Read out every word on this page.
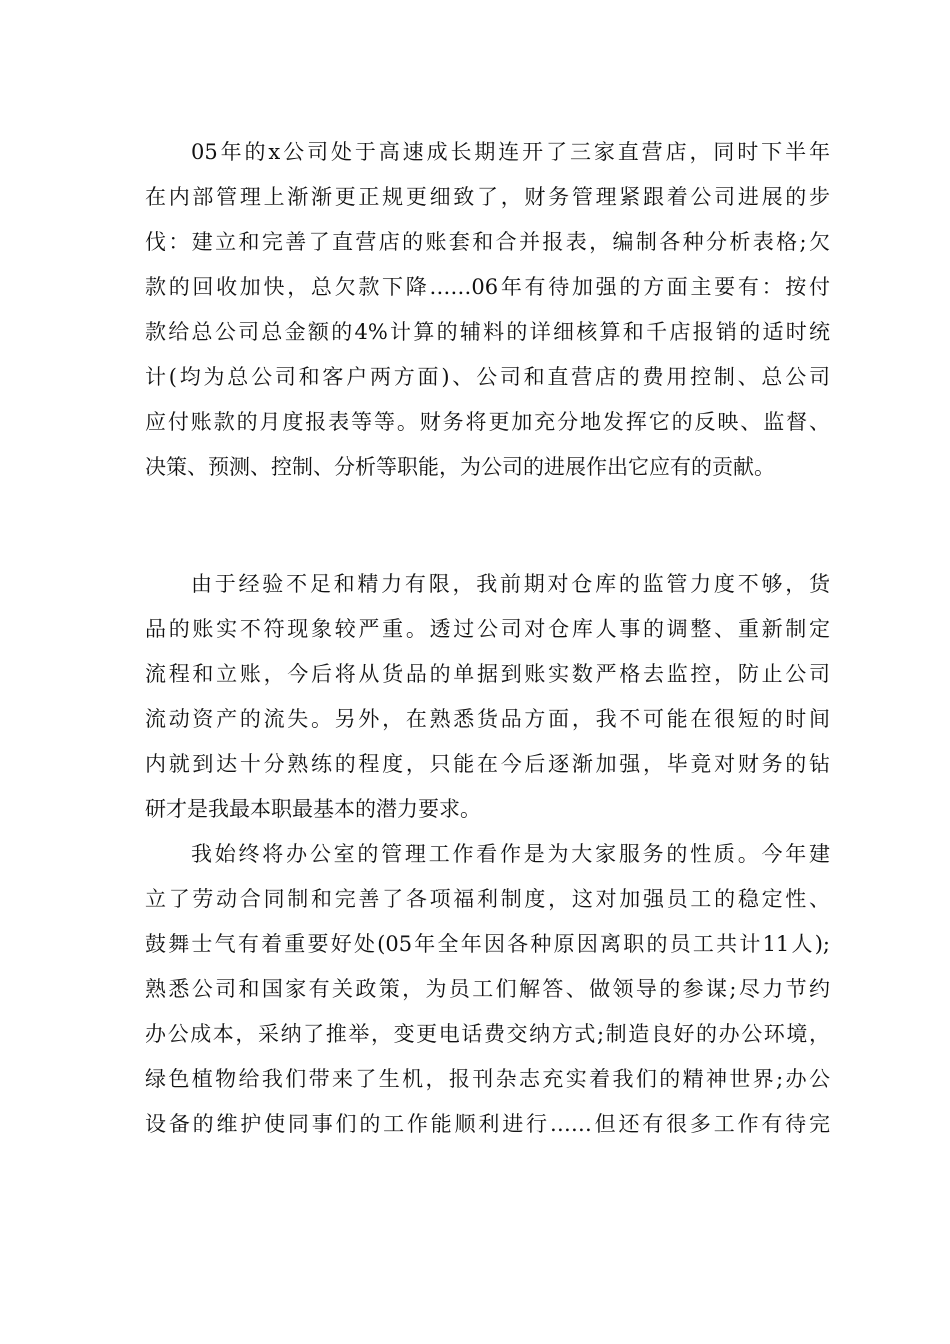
05年的x公司处于高速成长期连开了三家直营店，同时下半年
在内部管理上渐渐更正规更细致了，财务管理紧跟着公司进展的步
伐：建立和完善了直营店的账套和合并报表，编制各种分析表格;欠
款的回收加快，总欠款下降……06年有待加强的方面主要有：按付
款给总公司总金额的4%计算的辅料的详细核算和千店报销的适时统
计(均为总公司和客户两方面)、公司和直营店的费用控制、总公司
应付账款的月度报表等等。财务将更加充分地发挥它的反映、监督、
决策、预测、控制、分析等职能，为公司的进展作出它应有的贡献。
由于经验不足和精力有限，我前期对仓库的监管力度不够，货
品的账实不符现象较严重。透过公司对仓库人事的调整、重新制定
流程和立账，今后将从货品的单据到账实数严格去监控，防止公司
流动资产的流失。另外，在熟悉货品方面，我不可能在很短的时间
内就到达十分熟练的程度，只能在今后逐渐加强，毕竟对财务的钻
研才是我最本职最基本的潜力要求。
我始终将办公室的管理工作看作是为大家服务的性质。今年建
立了劳动合同制和完善了各项福利制度，这对加强员工的稳定性、
鼓舞士气有着重要好处(05年全年因各种原因离职的员工共计11人);
熟悉公司和国家有关政策，为员工们解答、做领导的参谋;尽力节约
办公成本，采纳了推举，变更电话费交纳方式;制造良好的办公环境，
绿色植物给我们带来了生机，报刊杂志充实着我们的精神世界;办公
设备的维护使同事们的工作能顺利进行……但还有很多工作有待完
